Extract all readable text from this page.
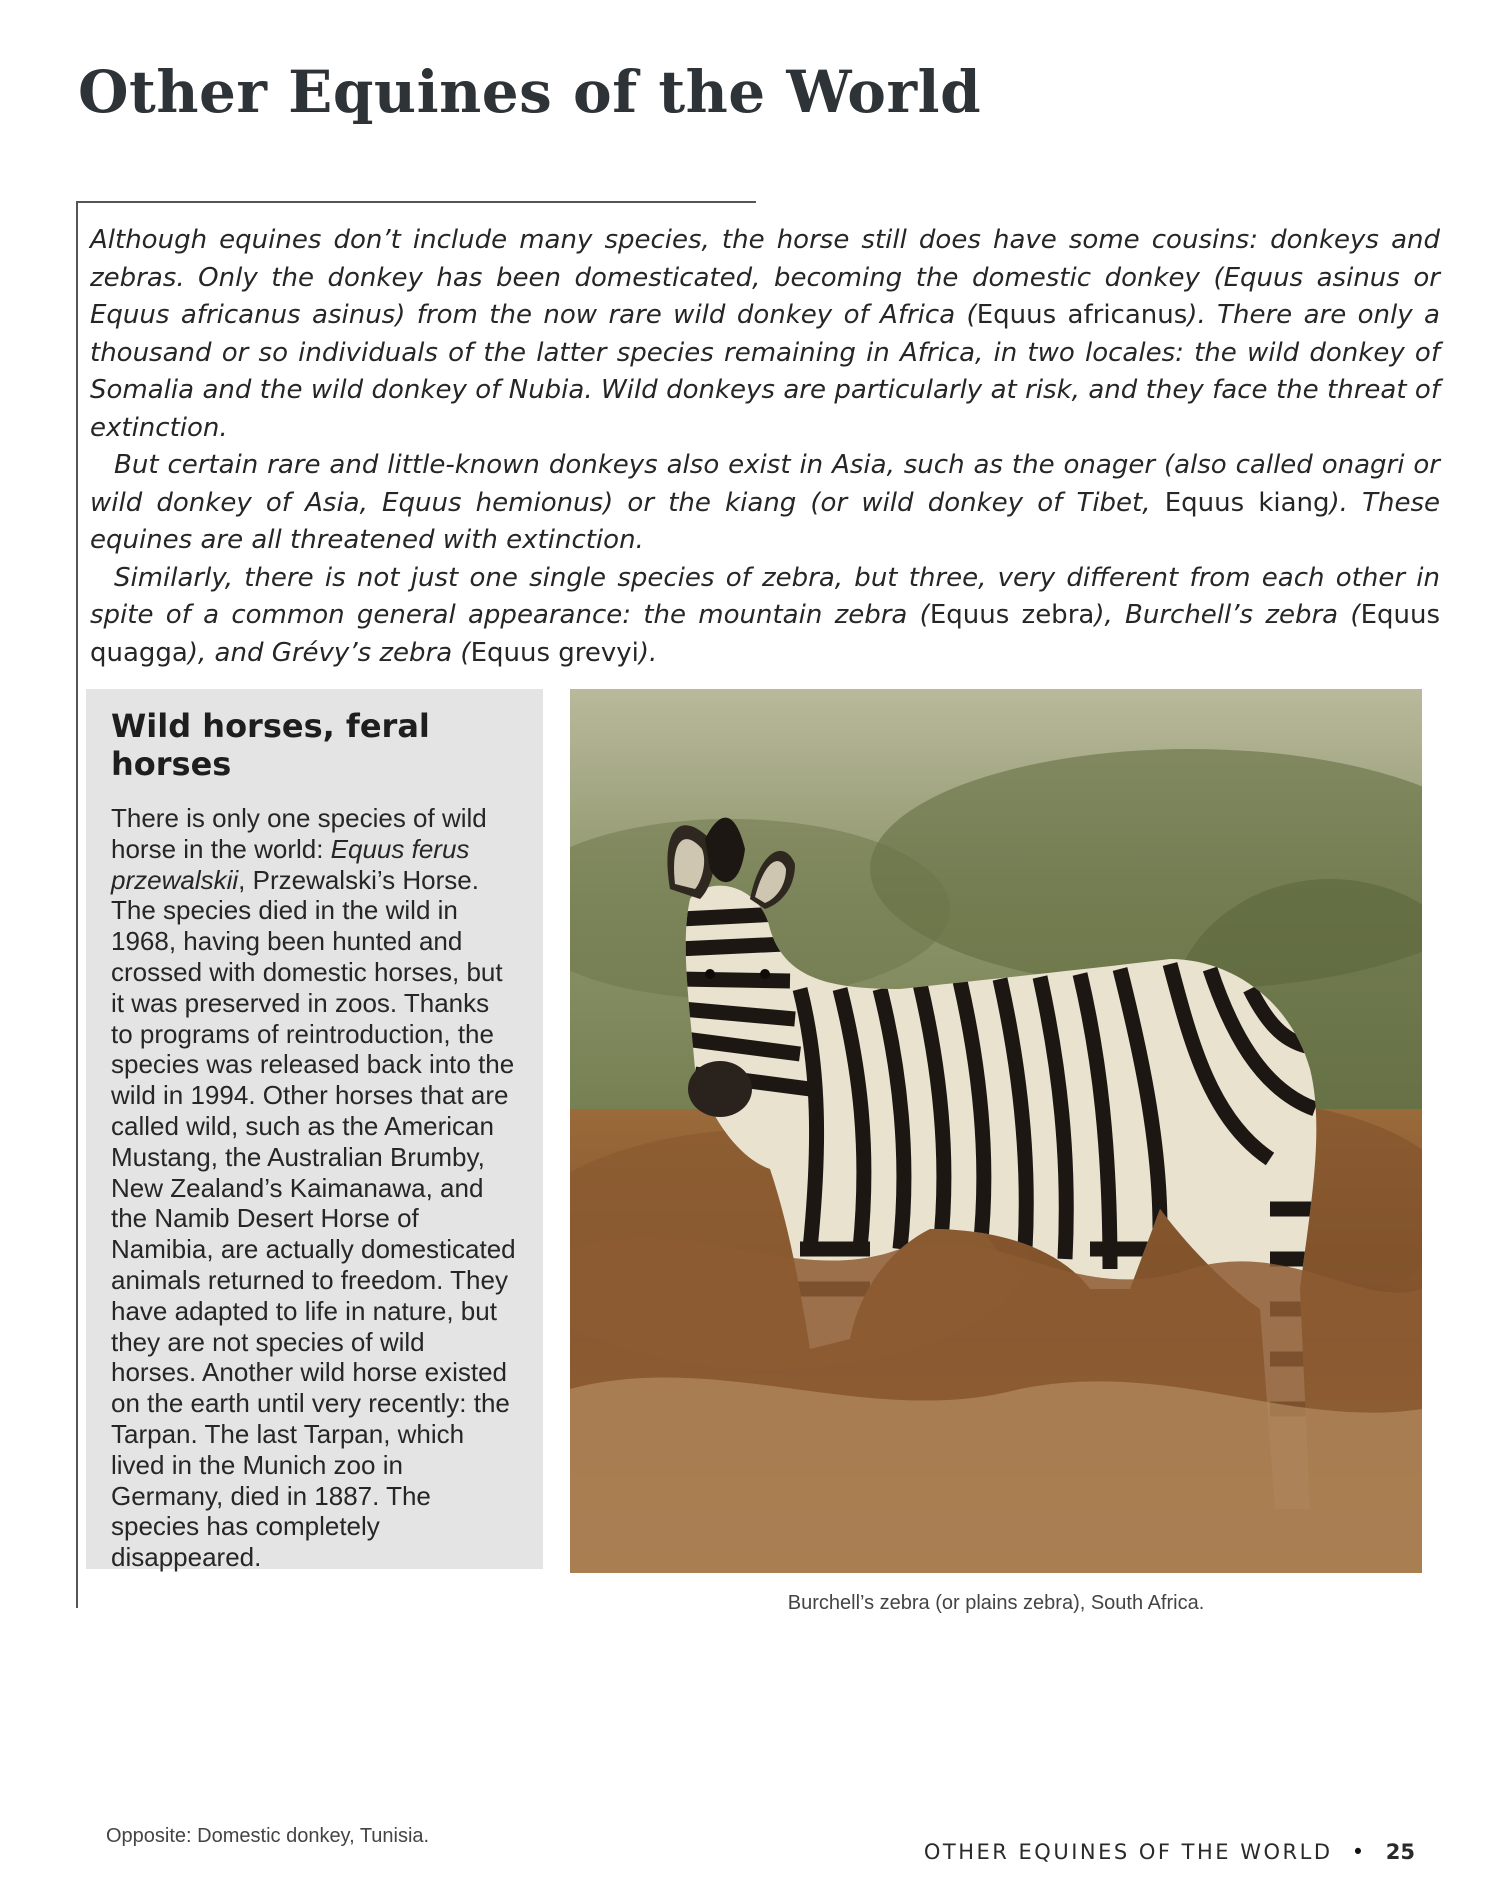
Other Equines of the World

Although equines don’t include many species, the horse still does have some cousins: donkeys and zebras. Only the donkey has been domesticated, becoming the domestic donkey (Equus asinus or Equus africanus asinus) from the now rare wild donkey of Africa (Equus africanus). There are only a thousand or so individuals of the latter species remaining in Africa, in two locales: the wild donkey of Somalia and the wild donkey of Nubia. Wild donkeys are particularly at risk, and they face the threat of extinction.

But certain rare and little-known donkeys also exist in Asia, such as the onager (also called onagri or wild donkey of Asia, Equus hemionus) or the kiang (or wild donkey of Tibet, Equus kiang). These equines are all threatened with extinction.

Similarly, there is not just one single species of zebra, but three, very different from each other in spite of a common general appearance: the mountain zebra (Equus zebra), Burchell’s zebra (Equus quagga), and Grévy’s zebra (Equus grevyi).

Wild horses, feral horses
There is only one species of wild horse in the world: Equus ferus przewalskii, Przewalski’s Horse. The species died in the wild in 1968, having been hunted and crossed with domestic horses, but it was preserved in zoos. Thanks to programs of reintroduction, the species was released back into the wild in 1994. Other horses that are called wild, such as the American Mustang, the Australian Brumby, New Zealand’s Kaimanawa, and the Namib Desert Horse of Namibia, are actually domesticated animals returned to freedom. They have adapted to life in nature, but they are not species of wild horses. Another wild horse existed on the earth until very recently: the Tarpan. The last Tarpan, which lived in the Munich zoo in Germany, died in 1887. The species has completely disappeared.
Burchell’s zebra (or plains zebra), South Africa.
Opposite: Domestic donkey, Tunisia.
OTHER EQUINES OF THE WORLD • 25
